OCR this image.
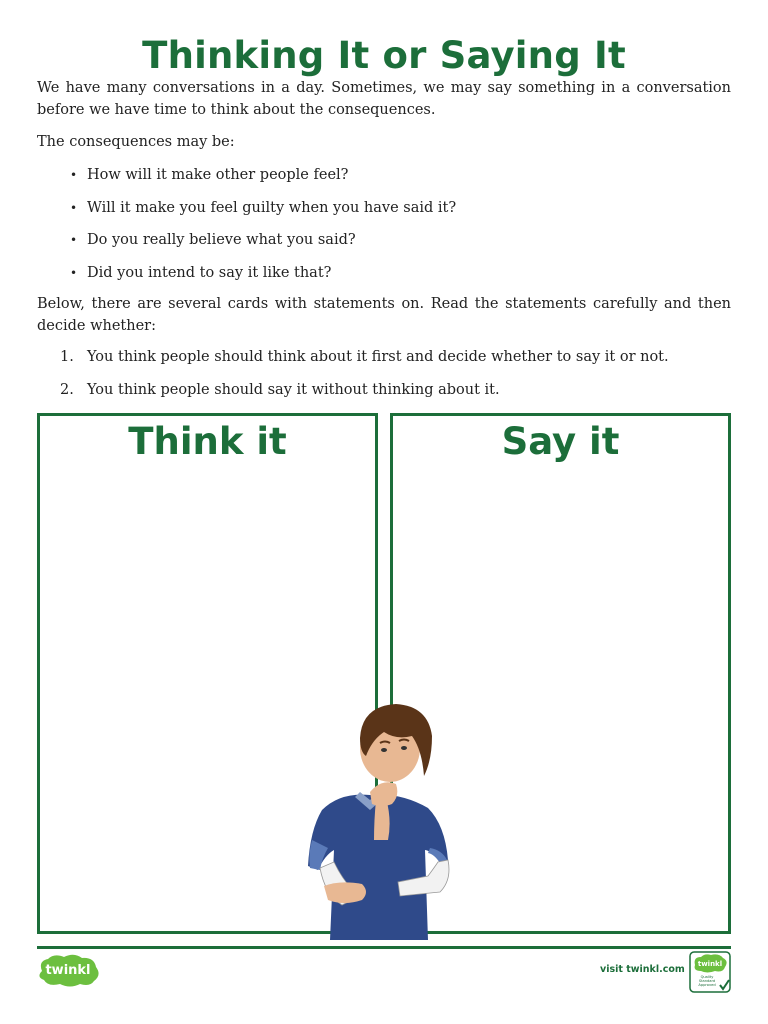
Thinking It or Saying It

We have many conversations in a day. Sometimes, we may say something in a conversation before we have time to think about the consequences.

The consequences may be:

• How will it make other people feel?
• Will it make you feel guilty when you have said it?
• Do you really believe what you said?
• Did you intend to say it like that?

Below, there are several cards with statements on. Read the statements carefully and then decide whether:

1. You think people should think about it first and decide whether to say it or not.
2. You think people should say it without thinking about it.
Think it	Say it
twinkl	visit twinkl.com twinkl
Quality Standard Approved
